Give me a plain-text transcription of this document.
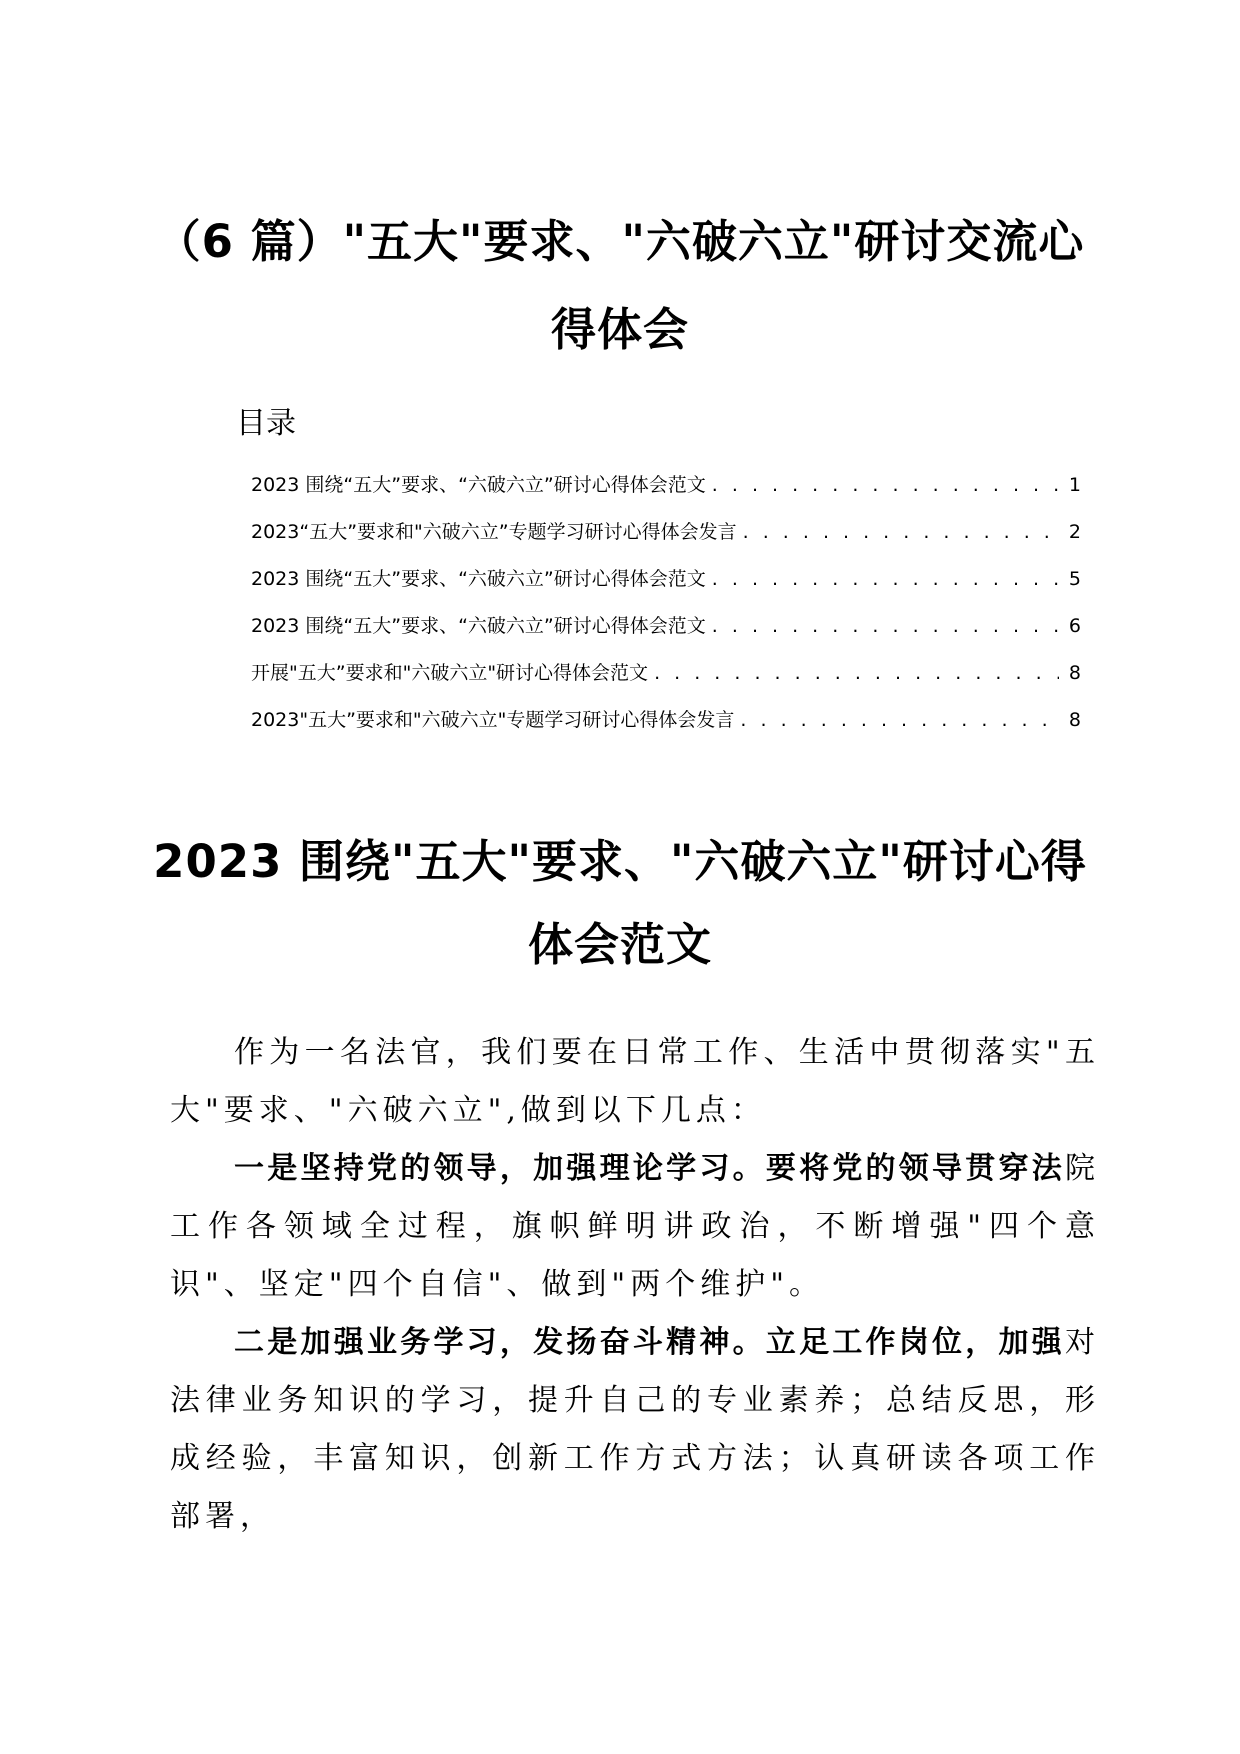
（6 篇）"五大"要求、"六破六立"研讨交流心
得体会
目录
2023 围绕“五大”要求、“六破六立”研讨心得体会范文 . . .	1
2023“五大”要求和"六破六立”专题学习研讨心得体会发言 . . .	2
2023 围绕“五大”要求、“六破六立”研讨心得体会范文 . . .	5
2023 围绕“五大”要求、“六破六立”研讨心得体会范文 . . .	6
开展"五大”要求和"六破六立"研讨心得体会范文 . . .	8
2023"五大”要求和"六破六立"专题学习研讨心得体会发言 . . .	8
2023 围绕"五大"要求、"六破六立"研讨心得
体会范文

作为一名法官，我们要在日常工作、生活中贯彻落实"五大"要求、"六破六立",做到以下几点：

一是坚持党的领导，加强理论学习。要将党的领导贯穿法院工作各领域全过程，旗帜鲜明讲政治，不断增强"四个意识"、坚定"四个自信"、做到"两个维护"。

二是加强业务学习，发扬奋斗精神。立足工作岗位，加强对法律业务知识的学习，提升自己的专业素养；总结反思，形成经验，丰富知识，创新工作方式方法；认真研读各项工作部署，
